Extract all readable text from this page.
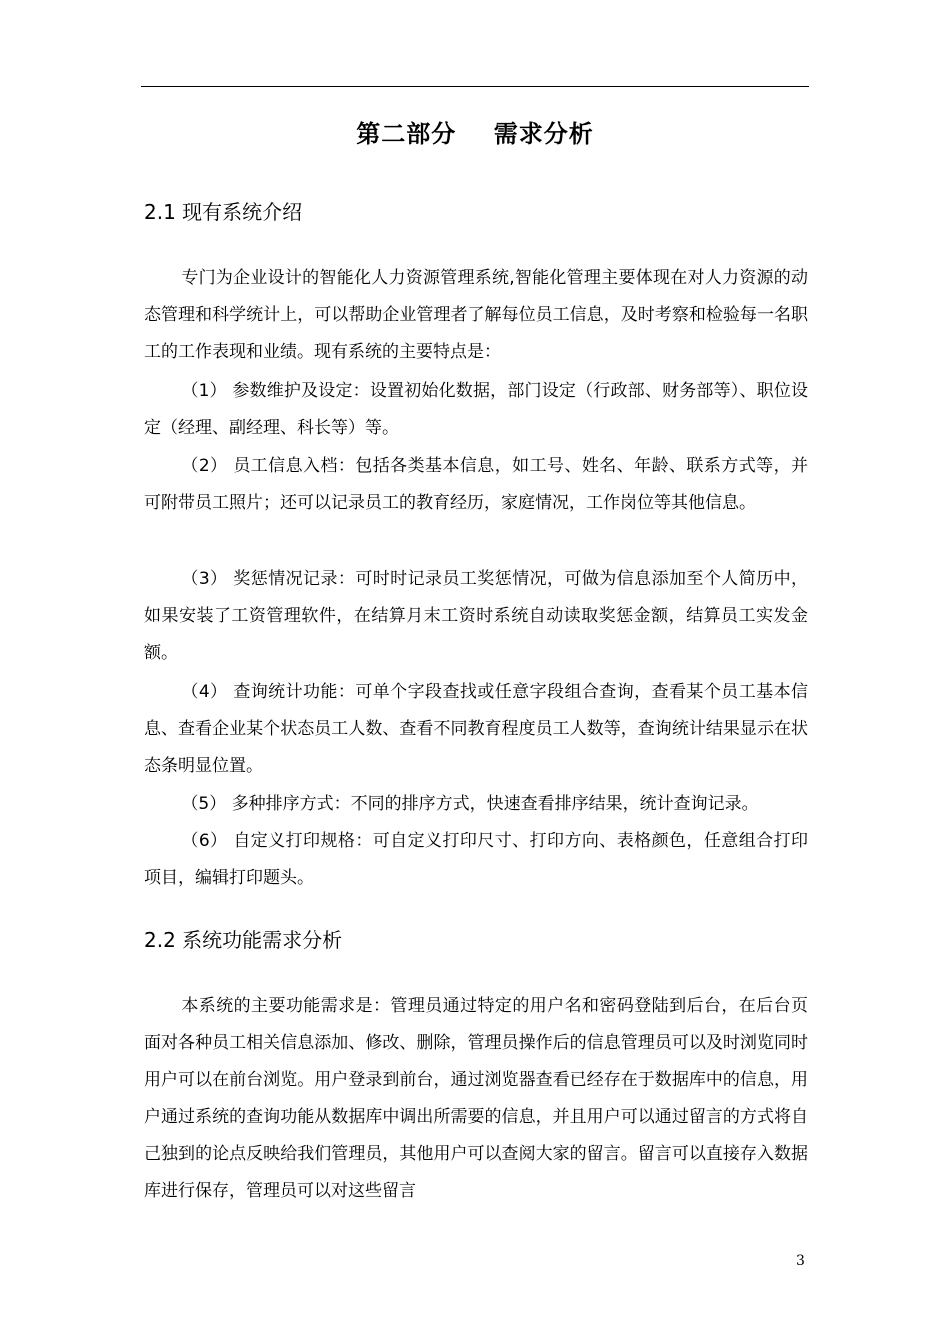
第二部分    需求分析
2.1 现有系统介绍

专门为企业设计的智能化人力资源管理系统,智能化管理主要体现在对人力资源的动态管理和科学统计上，可以帮助企业管理者了解每位员工信息，及时考察和检验每一名职工的工作表现和业绩。现有系统的主要特点是：

（1） 参数维护及设定：设置初始化数据，部门设定（行政部、财务部等）、职位设定（经理、副经理、科长等）等。

（2） 员工信息入档：包括各类基本信息，如工号、姓名、年龄、联系方式等，并可附带员工照片；还可以记录员工的教育经历，家庭情况，工作岗位等其他信息。

（3） 奖惩情况记录：可时时记录员工奖惩情况，可做为信息添加至个人简历中，如果安装了工资管理软件，在结算月末工资时系统自动读取奖惩金额，结算员工实发金额。

（4） 查询统计功能：可单个字段查找或任意字段组合查询，查看某个员工基本信息、查看企业某个状态员工人数、查看不同教育程度员工人数等，查询统计结果显示在状态条明显位置。

（5） 多种排序方式：不同的排序方式，快速查看排序结果，统计查询记录。

（6） 自定义打印规格：可自定义打印尺寸、打印方向、表格颜色，任意组合打印项目，编辑打印题头。

2.2 系统功能需求分析

本系统的主要功能需求是：管理员通过特定的用户名和密码登陆到后台，在后台页面对各种员工相关信息添加、修改、删除，管理员操作后的信息管理员可以及时浏览同时用户可以在前台浏览。用户登录到前台，通过浏览器查看已经存在于数据库中的信息，用户通过系统的查询功能从数据库中调出所需要的信息，并且用户可以通过留言的方式将自己独到的论点反映给我们管理员，其他用户可以查阅大家的留言。留言可以直接存入数据库进行保存，管理员可以对这些留言

3
